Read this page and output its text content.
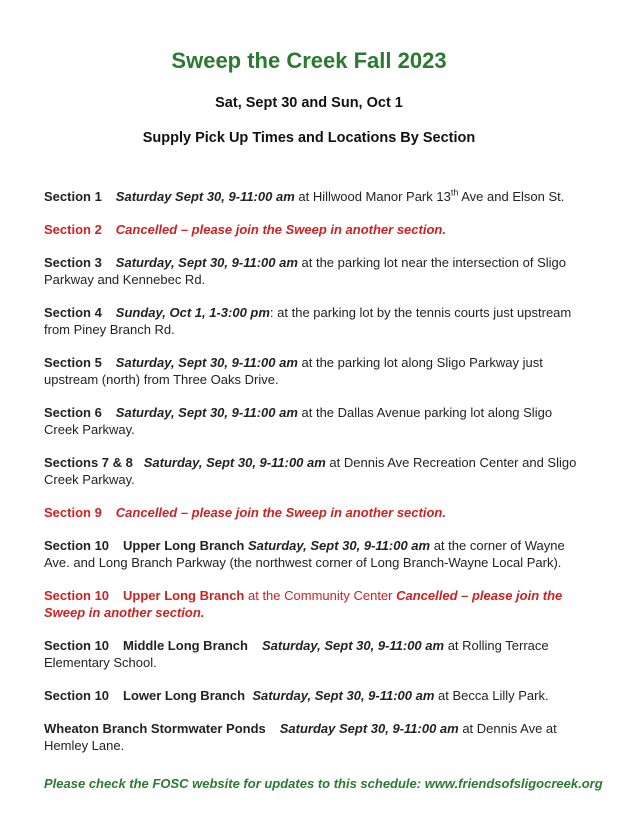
Sweep the Creek Fall 2023
Sat, Sept 30 and Sun, Oct 1
Supply Pick Up Times and Locations By Section

Section 1 Saturday Sept 30, 9-11:00 am at Hillwood Manor Park 13th Ave and Elson St.

Section 2 Cancelled – please join the Sweep in another section.

Section 3 Saturday, Sept 30, 9-11:00 am at the parking lot near the intersection of Sligo Parkway and Kennebec Rd.

Section 4 Sunday, Oct 1, 1-3:00 pm: at the parking lot by the tennis courts just upstream from Piney Branch Rd.

Section 5 Saturday, Sept 30, 9-11:00 am at the parking lot along Sligo Parkway just upstream (north) from Three Oaks Drive.

Section 6 Saturday, Sept 30, 9-11:00 am at the Dallas Avenue parking lot along Sligo Creek Parkway.

Sections 7 & 8 Saturday, Sept 30, 9-11:00 am at Dennis Ave Recreation Center and Sligo Creek Parkway.

Section 9 Cancelled – please join the Sweep in another section.

Section 10 Upper Long Branch Saturday, Sept 30, 9-11:00 am at the corner of Wayne Ave. and Long Branch Parkway (the northwest corner of Long Branch-Wayne Local Park).

Section 10 Upper Long Branch at the Community Center Cancelled – please join the Sweep in another section.

Section 10 Middle Long Branch Saturday, Sept 30, 9-11:00 am at Rolling Terrace Elementary School.

Section 10 Lower Long Branch Saturday, Sept 30, 9-11:00 am at Becca Lilly Park.

Wheaton Branch Stormwater Ponds Saturday Sept 30, 9-11:00 am at Dennis Ave at Hemley Lane.

Please check the FOSC website for updates to this schedule: www.friendsofsligocreek.org
